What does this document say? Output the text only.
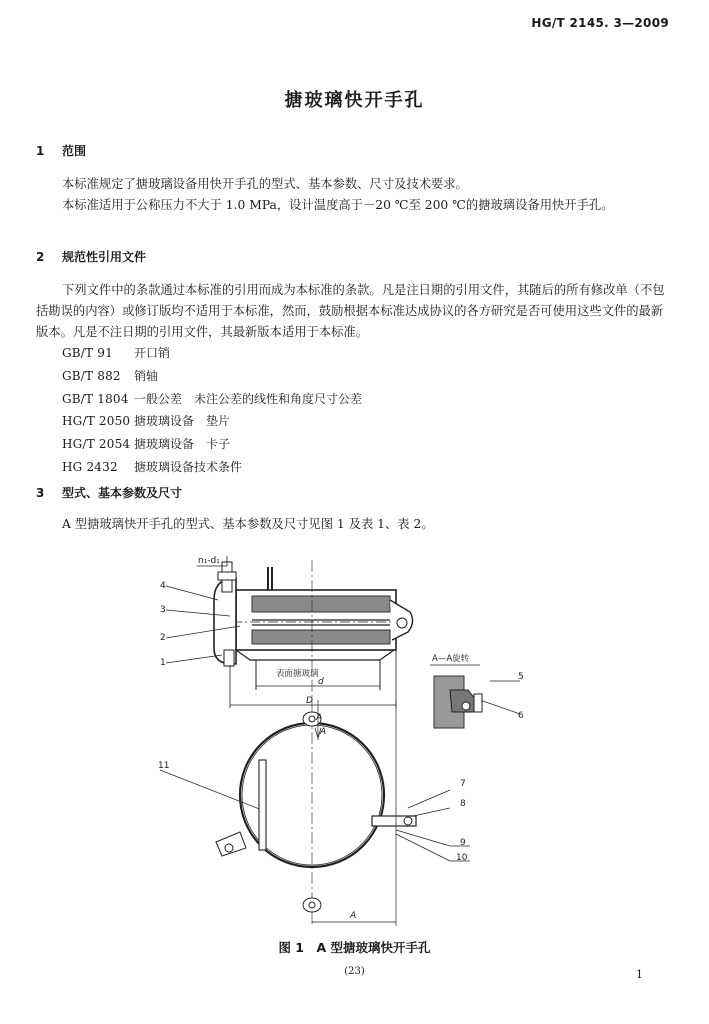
HG/T 2145. 3—2009
搪玻璃快开手孔
1 范围
本标准规定了搪玻璃设备用快开手孔的型式、基本参数、尺寸及技术要求。
本标准适用于公称压力不大于 1.0 MPa，设计温度高于－20 ℃至 200 ℃的搪玻璃设备用快开手孔。
2 规范性引用文件
下列文件中的条款通过本标准的引用而成为本标准的条款。凡是注日期的引用文件，其随后的所有修改单（不包括勘误的内容）或修订版均不适用于本标准，然而，鼓励根据本标准达成协议的各方研究是否可使用这些文件的最新版本。凡是不注日期的引用文件，其最新版本适用于本标准。
GB/T 91 开口销
GB/T 882 销轴
GB/T 1804 一般公差　未注公差的线性和角度尺寸公差
HG/T 2050 搪玻璃设备　垫片
HG/T 2054 搪玻璃设备　卡子
HG 2432 搪玻璃设备技术条件
3 型式、基本参数及尺寸
A 型搪玻璃快开手孔的型式、基本参数及尺寸见图 1 及表 1、表 2。
n₁-d₁
4
3
2
1
表面搪玻璃
d
D
A—A旋转
5
6
A
A
11
7
8
9
10
A
图 1　A 型搪玻璃快开手孔
(23)	1
